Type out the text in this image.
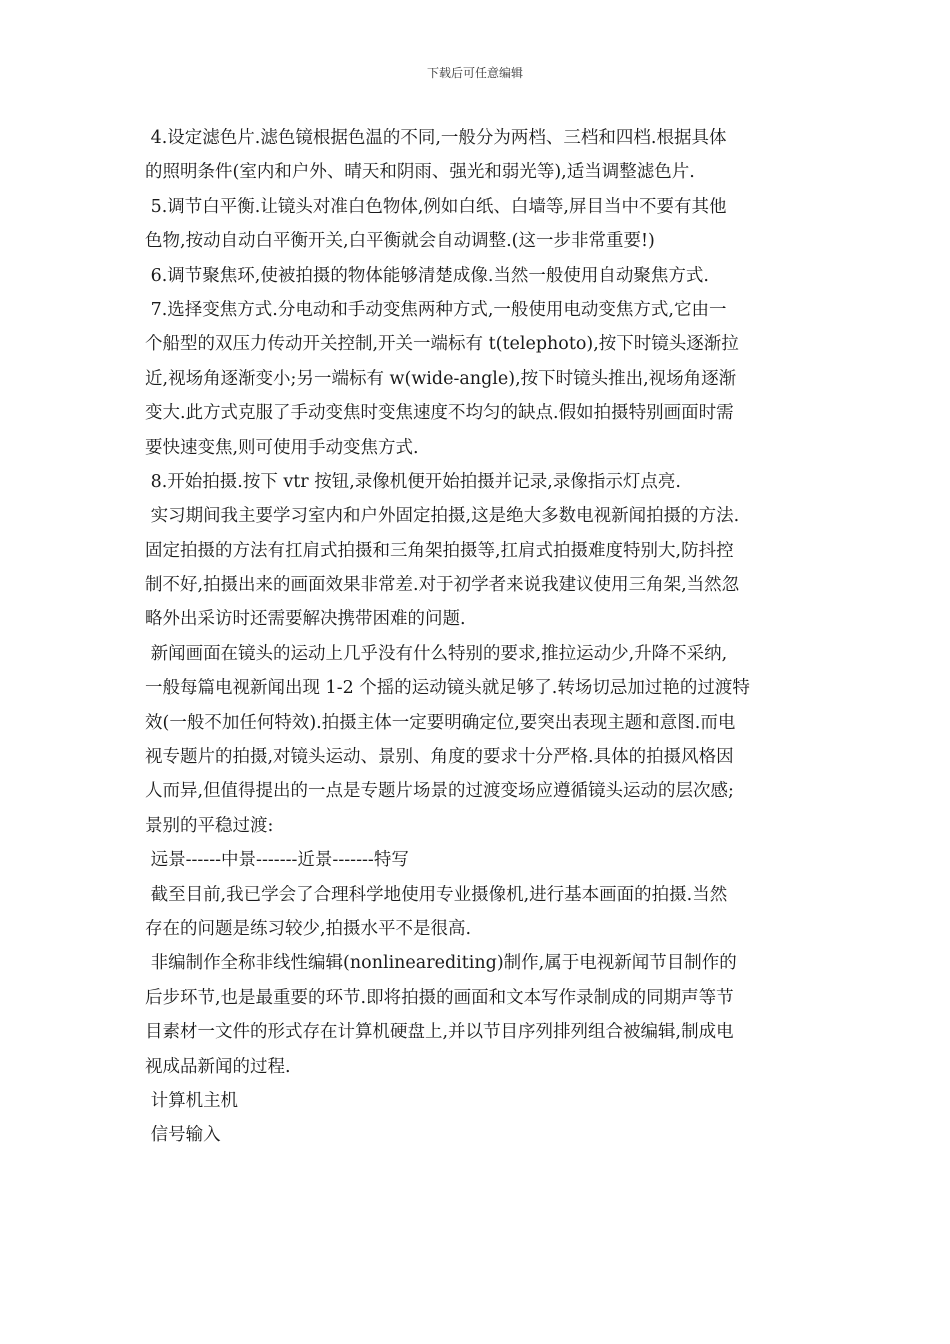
下载后可任意编辑
4.设定滤色片.滤色镜根据色温的不同,一般分为两档、三档和四档.根据具体
的照明条件(室内和户外、晴天和阴雨、强光和弱光等),适当调整滤色片.
5.调节白平衡.让镜头对准白色物体,例如白纸、白墙等,屏目当中不要有其他
色物,按动自动白平衡开关,白平衡就会自动调整.(这一步非常重要!)
6.调节聚焦环,使被拍摄的物体能够清楚成像.当然一般使用自动聚焦方式.
7.选择变焦方式.分电动和手动变焦两种方式,一般使用电动变焦方式,它由一
个船型的双压力传动开关控制,开关一端标有 t(telephoto),按下时镜头逐渐拉
近,视场角逐渐变小;另一端标有 w(wide-angle),按下时镜头推出,视场角逐渐
变大.此方式克服了手动变焦时变焦速度不均匀的缺点.假如拍摄特别画面时需
要快速变焦,则可使用手动变焦方式.
8.开始拍摄.按下 vtr 按钮,录像机便开始拍摄并记录,录像指示灯点亮.
实习期间我主要学习室内和户外固定拍摄,这是绝大多数电视新闻拍摄的方法.
固定拍摄的方法有扛肩式拍摄和三角架拍摄等,扛肩式拍摄难度特别大,防抖控
制不好,拍摄出来的画面效果非常差.对于初学者来说我建议使用三角架,当然忽
略外出采访时还需要解决携带困难的问题.
新闻画面在镜头的运动上几乎没有什么特别的要求,推拉运动少,升降不采纳,
一般每篇电视新闻出现 1-2 个摇的运动镜头就足够了.转场切忌加过艳的过渡特
效(一般不加任何特效).拍摄主体一定要明确定位,要突出表现主题和意图.而电
视专题片的拍摄,对镜头运动、景别、角度的要求十分严格.具体的拍摄风格因
人而异,但值得提出的一点是专题片场景的过渡变场应遵循镜头运动的层次感;
景别的平稳过渡:
远景------中景-------近景-------特写
截至目前,我已学会了合理科学地使用专业摄像机,进行基本画面的拍摄.当然
存在的问题是练习较少,拍摄水平不是很高.
非编制作全称非线性编辑(nonlinearediting)制作,属于电视新闻节目制作的
后步环节,也是最重要的环节.即将拍摄的画面和文本写作录制成的同期声等节
目素材一文件的形式存在计算机硬盘上,并以节目序列排列组合被编辑,制成电
视成品新闻的过程.
计算机主机
信号输入
